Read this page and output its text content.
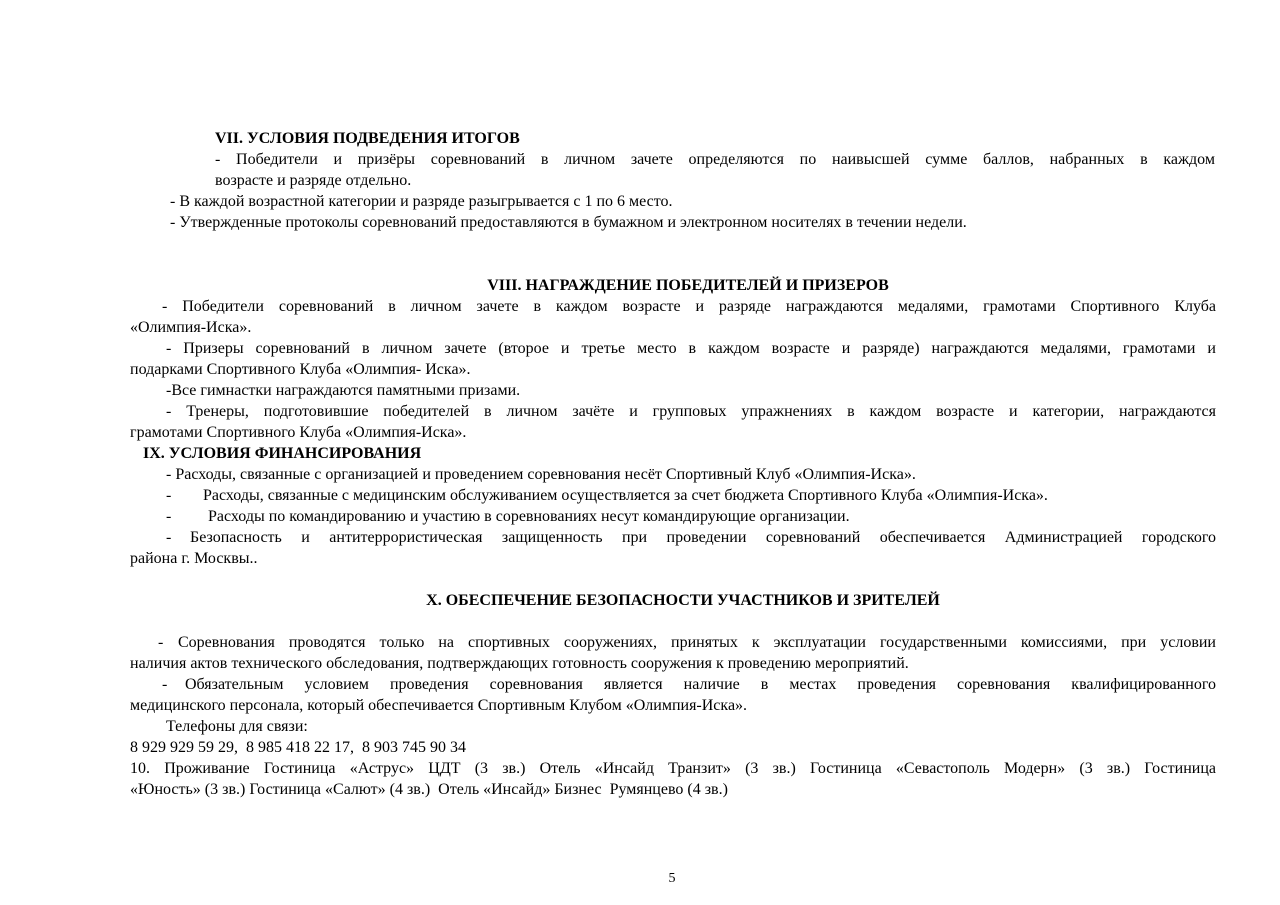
VII. УСЛОВИЯ ПОДВЕДЕНИЯ ИТОГОВ
- Победители и призёры соревнований в личном зачете определяются по наивысшей сумме баллов, набранных в каждом
возрасте и разряде отдельно.
- В каждой возрастной категории и разряде разыгрывается с 1 по 6 место.
- Утвержденные протоколы соревнований предоставляются в бумажном и электронном носителях в течении недели.
VIII. НАГРАЖДЕНИЕ ПОБЕДИТЕЛЕЙ И ПРИЗЕРОВ
- Победители соревнований в личном зачете в каждом возрасте и разряде награждаются медалями, грамотами Спортивного Клуба
«Олимпия-Иска».
- Призеры соревнований в личном зачете (второе и третье место в каждом возрасте и разряде) награждаются медалями, грамотами и
подарками Спортивного Клуба «Олимпия- Иска».
-Все гимнастки награждаются памятными призами.
- Тренеры, подготовившие победителей в личном зачёте и групповых упражнениях в каждом возрасте и категории, награждаются
грамотами Спортивного Клуба «Олимпия-Иска».
IX. УСЛОВИЯ ФИНАНСИРОВАНИЯ
- Расходы, связанные с организацией и проведением соревнования несёт Спортивный Клуб «Олимпия-Иска».
- Расходы, связанные с медицинским обслуживанием осуществляется за счет бюджета Спортивного Клуба «Олимпия-Иска».
- Расходы по командированию и участию в соревнованиях несут командирующие организации.
- Безопасность и антитеррористическая защищенность при проведении соревнований обеспечивается Администрацией городского
района г. Москвы..
X. ОБЕСПЕЧЕНИЕ БЕЗОПАСНОСТИ УЧАСТНИКОВ И ЗРИТЕЛЕЙ
- Соревнования проводятся только на спортивных сооружениях, принятых к эксплуатации государственными комиссиями, при условии
наличия актов технического обследования, подтверждающих готовность сооружения к проведению мероприятий.
- Обязательным условием проведения соревнования является наличие в местах проведения соревнования квалифицированного
медицинского персонала, который обеспечивается Спортивным Клубом «Олимпия-Иска».
Телефоны для связи:
8 929 929 59 29,  8 985 418 22 17,  8 903 745 90 34
10. Проживание Гостиница «Аструс» ЦДТ (3 зв.) Отель «Инсайд Транзит» (3 зв.) Гостиница «Севастополь Модерн» (3 зв.) Гостиница
«Юность» (3 зв.) Гостиница «Салют» (4 зв.)  Отель «Инсайд» Бизнес  Румянцево (4 зв.)
5
